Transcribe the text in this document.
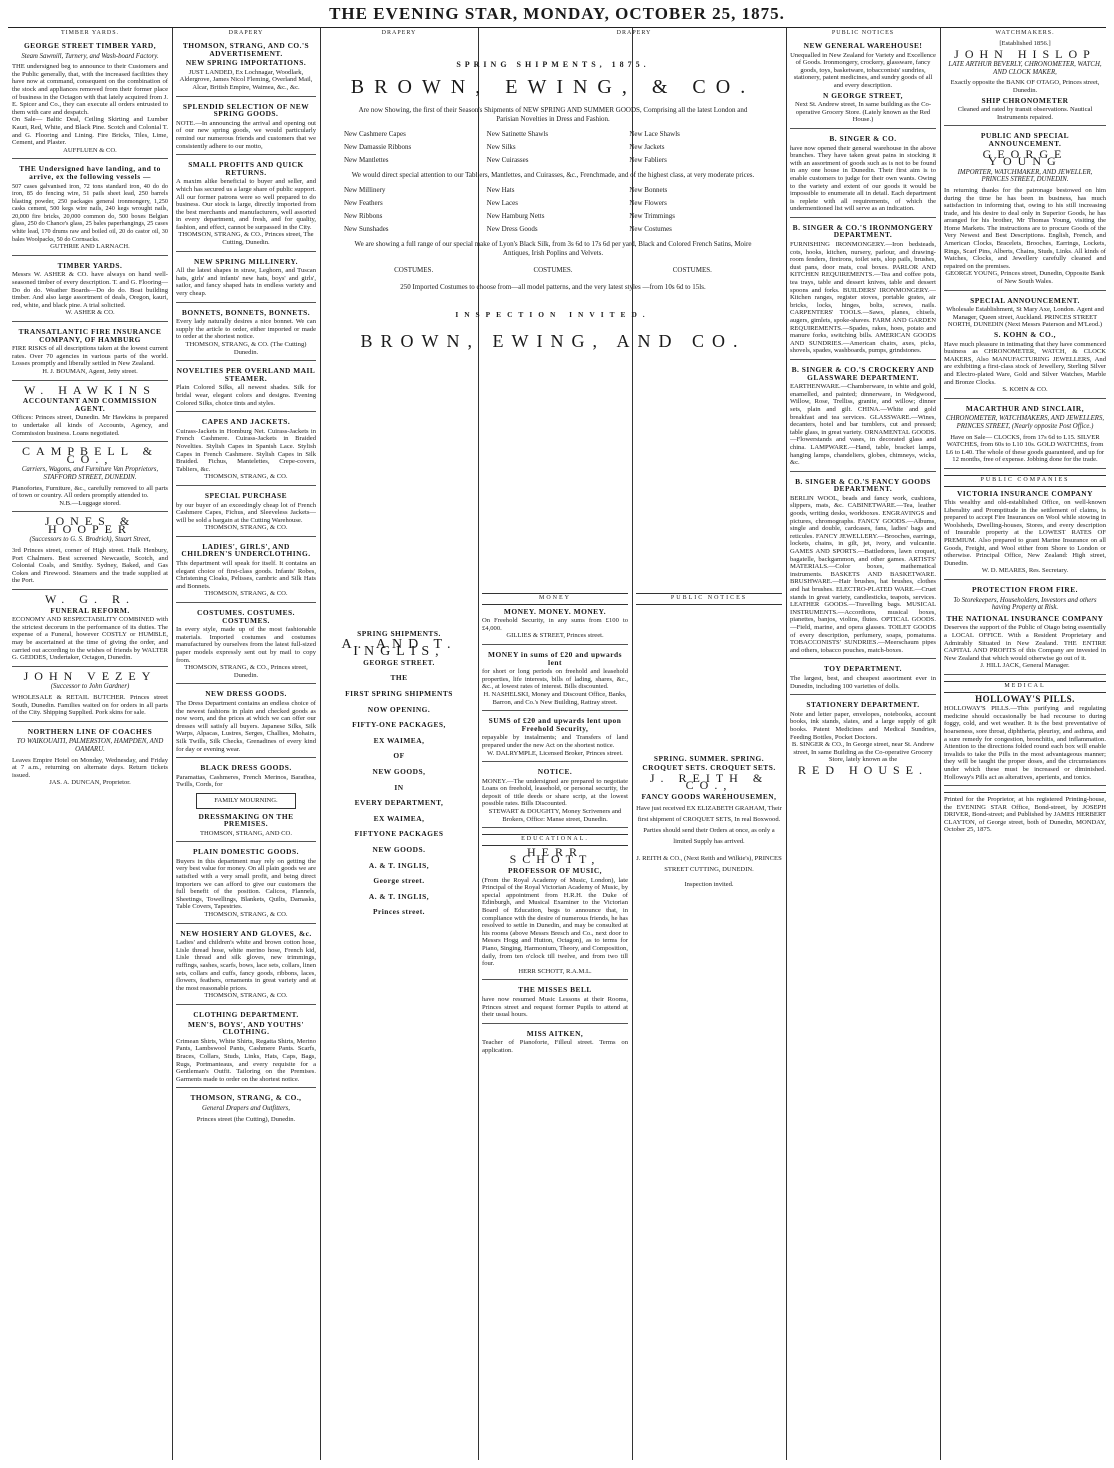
THE EVENING STAR, MONDAY, OCTOBER 25, 1875.
TIMBER YARDS.	DRAPERY	DRAPERY	DRAPERY	PUBLIC NOTICES	WATCHMAKERS.
GEORGE STREET TIMBER YARD,
Steam Sawmill, Turnery, and Wash-board Factory.
THE undersigned beg to announce to their Customers and the Public generally, that, with the increased facilities they have now at command, consequent on the combination of the stock and appliances removed from their former place of business in the Octagon with that lately acquired from J. E. Spicer and Co., they can execute all orders entrusted to them with care and despatch.
On Sale— Baltic Deal, Ceiling Skirting and Lumber Kauri, Red, White, and Black Pine. Scotch and Colonial T. and G. Flooring and Lining. Fire Bricks, Tiles, Lime, Cement, and Plaster.
AUFFLUEN & CO.
THE Undersigned have landing, and to arrive, ex the following vessels —
507 cases galvanised iron, 72 tons standard iron, 40 do do iron, 85 do fencing wire, 51 pails sheet lead, 250 barrels blasting powder, 250 packages general ironmongery, 1,250 casks cement, 500 kegs wire nails, 240 kegs wrought nails, 20,000 fire bricks, 20,000 common do, 500 boxes Belgian glass, 250 do Chance's glass, 25 bales paperhangings, 25 cases white lead, 170 drums raw and boiled oil, 20 do castor oil, 30 bales Woolpacks, 50 do Cornsacks.
GUTHRIE AND LARNACH.
TIMBER YARDS.
Messrs W. ASHER & CO. have always on hand well-seasoned timber of every description. T. and G. Flooring—Do do do. Weather Boards—Do do do. Boat building timber. And also large assortment of deals, Oregon, kauri, red, white, and black pine. A trial solicited.
W. ASHER & CO.
TRANSATLANTIC FIRE INSURANCE COMPANY, OF HAMBURG
FIRE RISKS of all descriptions taken at the lowest current rates. Over 70 agencies in various parts of the world. Losses promptly and liberally settled in New Zealand.
H. J. BOUMAN, Agent, Jetty street.
W. HAWKINS
ACCOUNTANT AND COMMISSION AGENT.
Offices: Princes street, Dunedin. Mr Hawkins is prepared to undertake all kinds of Accounts, Agency, and Commission business. Loans negotiated.
CAMPBELL & CO.,
Carriers, Wagons, and Furniture Van Proprietors, STAFFORD STREET, DUNEDIN.
Pianofortes, Furniture, &c., carefully removed to all parts of town or country. All orders promptly attended to.
N.B.—Luggage stored.
JONES & HOOPER
(Successors to G. S. Brodrick), Stuart Street,
3rd Princes street, corner of High street. Hulk Henbury, Port Chalmers. Best screened Newcastle, Scotch, and Colonial Coals, and Smithy. Sydney, Baked, and Gas Cokes and Firewood. Steamers and the trade supplied at the Port.
W. G. R.
FUNERAL REFORM.
ECONOMY AND RESPECTABILITY COMBINED with the strictest decorum in the performance of its duties. The expense of a Funeral, however COSTLY or HUMBLE, may be ascertained at the time of giving the order, and carried out according to the wishes of friends by WALTER G. GEDDES, Undertaker, Octagon, Dunedin.
JOHN VEZEY
(Successor to John Gardner)
WHOLESALE & RETAIL BUTCHER. Princes street South, Dunedin. Families waited on for orders in all parts of the City. Shipping Supplied. Pork skins for sale.
NORTHERN LINE OF COACHES
TO WAIKOUAITI, PALMERSTON, HAMPDEN, AND OAMARU.
Leaves Empire Hotel on Monday, Wednesday, and Friday at 7 a.m., returning on alternate days. Return tickets issued.
JAS. A. DUNCAN, Proprietor.
THOMSON, STRANG, AND CO.'S ADVERTISEMENT.
NEW SPRING IMPORTATIONS.
JUST LANDED, Ex Lochnagar, Woodlark, Aldergrove, James Nicol Fleming, Overland Mail, Alcar, British Empire, Waimea, &c., &c.
SPLENDID SELECTION OF NEW SPRING GOODS.
NOTE.—In announcing the arrival and opening out of our new spring goods, we would particularly remind our numerous friends and customers that we consistently adhere to our motto,
SMALL PROFITS AND QUICK RETURNS.
A maxim alike beneficial to buyer and seller, and which has secured us a large share of public support. All our former patrons were so well prepared to do business. Our stock is large, directly imported from the best merchants and manufacturers, well assorted in every department, and fresh, and for quality, fashion, and effect, cannot be surpassed in the City.
THOMSON, STRANG, & CO., Princes street, The Cutting, Dunedin.
NEW SPRING MILLINERY.
All the latest shapes in straw, Leghorn, and Tuscan hats, girls' and infants' new hats, boys' and girls', sailor, and fancy shaped hats in endless variety and very cheap.
BONNETS, BONNETS, BONNETS.
Every lady naturally desires a nice bonnet. We can supply the article to order, either imported or made to order at the shortest notice.
THOMSON, STRANG, & CO. (The Cutting) Dunedin.
NOVELTIES PER OVERLAND MAIL STEAMER.
Plain Colored Silks, all newest shades. Silk for bridal wear, elegant colors and designs. Evening Colored Silks, choice tints and styles.
CAPES AND JACKETS.
Cuirass-Jackets in Homburg Net. Cuirass-Jackets in French Cashmere. Cuirass-Jackets in Braided Novelties. Stylish Capes in Spanish Lace. Stylish Capes in French Cashmere. Stylish Capes in Silk Braided. Fichus, Mantelettes, Crepe-covers, Tabliers, &c.
THOMSON, STRANG, & CO.
SPECIAL PURCHASE
by our buyer of an exceedingly cheap lot of French Cashmere Capes, Fichus, and Sleeveless Jackets—will be sold a bargain at the Cutting Warehouse.
THOMSON, STRANG, & CO.
LADIES', GIRLS', AND CHILDREN'S UNDERCLOTHING.
This department will speak for itself. It contains an elegant choice of first-class goods. Infants' Robes, Christening Cloaks, Pelisses, cambric and Silk Hats and Bonnets.
THOMSON, STRANG, & CO.
COSTUMES. COSTUMES. COSTUMES.
In every style, made up of the most fashionable materials. Imported costumes and costumes manufactured by ourselves from the latest full-sized paper models expressly sent out by mail to copy from.
THOMSON, STRANG, & CO., Princes street, Dunedin.
NEW DRESS GOODS.
The Dress Department contains an endless choice of the newest fashions in plain and checked goods as now worn, and the prices at which we can offer our dresses will satisfy all buyers. Japanese Silks, Silk Warps, Alpacas, Lustres, Serges, Challies, Mohairs, Silk Twills, Silk Checks, Grenadines of every kind for day or evening wear.
BLACK DRESS GOODS.
Paramattas, Cashmeres, French Merinos, Barathea, Twills, Cords, for
FAMILY MOURNING.
DRESSMAKING ON THE PREMISES.
THOMSON, STRANG, AND CO.
PLAIN DOMESTIC GOODS.
Buyers in this department may rely on getting the very best value for money. On all plain goods we are satisfied with a very small profit, and being direct importers we can afford to give our customers the full benefit of the position. Calicos, Flannels, Sheetings, Towellings, Blankets, Quilts, Damasks, Table Covers, Tapestries.
THOMSON, STRANG, & CO.
NEW HOSIERY AND GLOVES, &c.
Ladies' and children's white and brown cotton hose, Lisle thread hose, white merino hose, French kid, Lisle thread and silk gloves, new trimmings, ruffings, sashes, scarfs, bows, lace sets, collars, linen sets, collars and cuffs, fancy goods, ribbons, laces, flowers, feathers, ornaments in great variety and at the most reasonable prices.
THOMSON, STRANG, & CO.
CLOTHING DEPARTMENT.
MEN'S, BOYS', AND YOUTHS' CLOTHING.
Crimean Shirts, White Shirts, Regatta Shirts, Merino Pants, Lambswool Pants, Cashmere Pants. Scarfs, Braces, Collars, Studs, Links, Hats, Caps, Bags, Rugs, Portmanteaus, and every requisite for a Gentleman's Outfit. Tailoring on the Premises. Garments made to order on the shortest notice.
THOMSON, STRANG, & CO.,
General Drapers and Outfitters,
Princes street (the Cutting), Dunedin.
SPRING SHIPMENTS, 1875.
BROWN, EWING, & CO.
Are now Showing, the first of their Season's Shipments of NEW SPRING AND SUMMER GOODS, Comprising all the latest London and Parisian Novelties in Dress and Fashion.
New Cashmere Capes	New Satinette Shawls	New Lace Shawls
New Damassie Ribbons	New Silks	New Jackets
New Mantlettes	New Cuirasses	New Fabliers
We would direct special attention to our Tabliers, Mantlettes, and Cuirasses, &c., Frenchmade, and of the highest class, at very moderate prices.
New Millinery	New Hats	New Bonnets
New Feathers	New Laces	New Flowers
New Ribbons	New Hamburg Netts	New Trimmings
New Sunshades	New Dress Goods	New Costumes
We are showing a full range of our special make of Lyon's Black Silk, from 3s 6d to 17s 6d per yard, Black and Colored French Satins, Moire Antiques, Irish Poplins and Velvets.
COSTUMES.	COSTUMES.	COSTUMES.
250 Imported Costumes to choose from—all model patterns, and the very latest styles —from 10s 6d to 15ls.
INSPECTION INVITED.
BROWN, EWING, AND CO.
SPRING SHIPMENTS.
A. AND T. INGLIS,
GEORGE STREET.
THE
FIRST SPRING SHIPMENTS
NOW OPENING.
FIFTY-ONE PACKAGES,
EX WAIMEA,
OF
NEW GOODS,
IN
EVERY DEPARTMENT,
EX WAIMEA,
FIFTYONE PACKAGES
NEW GOODS.
A. & T. INGLIS,
George street.
A. & T. INGLIS,
Princes street.
MONEY
MONEY. MONEY. MONEY.
On Freehold Security, in any sums from £100 to £4,000.
GILLIES & STREET, Princes street.
MONEY in sums of £20 and upwards lent
for short or long periods on freehold and leasehold properties, life interests, bills of lading, shares, &c., &c., at lowest rates of interest. Bills discounted.
H. NASHELSKI, Money and Discount Office, Banks, Barron, and Co.'s New Building, Rattray street.
SUMS of £20 and upwards lent upon Freehold Security,
repayable by instalments; and Transfers of land prepared under the new Act on the shortest notice.
W. DALRYMPLE, Licensed Broker, Princes street.
NOTICE.
MONEY.—The undersigned are prepared to negotiate Loans on freehold, leasehold, or personal security, the deposit of title deeds or share scrip, at the lowest possible rates. Bills Discounted.
STEWART & DOUGHTY, Money Scriveners and Brokers, Office: Manse street, Dunedin.
EDUCATIONAL.
HERR SCHOTT,
PROFESSOR OF MUSIC,
(From the Royal Academy of Music, London), late Principal of the Royal Victorian Academy of Music, by special appointment from H.R.H. the Duke of Edinburgh, and Musical Examiner to the Victorian Board of Education, begs to announce that, in compliance with the desire of numerous friends, he has resolved to settle in Dunedin, and may be consulted at his rooms (above Messrs Bresch and Co., next door to Messrs Hogg and Hutton, Octagon), as to terms for Piano, Singing, Harmonium, Theory, and Composition, daily, from ten o'clock till twelve, and from two till four.
HERR SCHOTT, R.A.M.L.
THE MISSES BELL
have now resumed Music Lessons at their Rooms, Princes street and request former Pupils to attend at their usual hours.
MISS AITKEN,
Teacher of Pianoforte, Filleul street. Terms on application.
PUBLIC NOTICES
SPRING. SUMMER. SPRING.
CROQUET SETS. CROQUET SETS.
J. REITH & CO.,
FANCY GOODS WAREHOUSEMEN,
Have just received EX ELIZABETH GRAHAM, Their first shipment of CROQUET SETS, In real Boxwood. Parties should send their Orders at once, as only a limited Supply has arrived.
J. REITH & CO., (Next Reith and Wilkie's), PRINCES STREET CUTTING, DUNEDIN.
Inspection invited.
NEW GENERAL WAREHOUSE!
Unequalled in New Zealand for Variety and Excellence of Goods. Ironmongery, crockery, glassware, fancy goods, toys, basketware, tobacconists' sundries, stationery, patent medicines, and sundry goods of all and every description.
N GEORGE STREET,
Next St. Andrew street, In same building as the Co-operative Grocery Store. (Lately known as the Red House.)
B. SINGER & CO.
have now opened their general warehouse in the above branches. They have taken great pains in stocking it with an assortment of goods such as is not to be found in any one house in Dunedin. Their first aim is to enable customers to judge for their own wants. Owing to the variety and extent of our goods it would be impossible to enumerate all in detail. Each department is replete with all requirements, of which the undermentioned list will serve as an indication.
B. SINGER & CO.'S IRONMONGERY DEPARTMENT.
FURNISHING IRONMONGERY.—Iron bedsteads, cots, hooks, kitchen, nursery, parlour, and drawing-room fenders, fireirons, toilet sets, slop pails, brushes, dust pans, door mats, coal boxes. PARLOR AND KITCHEN REQUIREMENTS.—Tea and coffee pots, tea trays, table and dessert knives, table and dessert spoons and forks. BUILDERS' IRONMONGERY.—Kitchen ranges, register stoves, portable grates, air bricks, locks, hinges, bolts, screws, nails. CARPENTERS' TOOLS.—Saws, planes, chisels, augers, gimlets, spoke-shaves. FARM AND GARDEN REQUIREMENTS.—Spades, rakes, hoes, potato and manure forks, switching bills. AMERICAN GOODS AND SUNDRIES.—American chairs, axes, picks, shovels, spades, washboards, pumps, grindstones.
B. SINGER & CO.'S CROCKERY AND GLASSWARE DEPARTMENT.
EARTHENWARE.—Chamberware, in white and gold, enamelled, and painted; dinnerware, in Wedgwood, Willow, Rose, Trelliss, granite, and willow; dinner sets, plain and gilt. CHINA.—White and gold breakfast and tea services. GLASSWARE.—Wines, decanters, hotel and bar tumblers, cut and pressed; table glass, in great variety. ORNAMENTAL GOODS.—Flowerstands and vases, in decorated glass and china. LAMPWARE.—Hand, table, bracket lamps, hanging lamps, chandeliers, globes, chimneys, wicks, &c.
B. SINGER & CO.'S FANCY GOODS DEPARTMENT.
BERLIN WOOL, beads and fancy work, cushions, slippers, mats, &c. CABINETWARE.—Tea, leather goods, writing desks, workboxes. ENGRAVINGS and pictures, chromographs. FANCY GOODS.—Albums, single and double, cardcases, fans, ladies' bags and reticules. FANCY JEWELLERY.—Brooches, earrings, lockets, chains, in gilt, jet, ivory, and vulcanite. GAMES AND SPORTS.—Battledores, lawn croquet, bagatelle, backgammon, and other games. ARTISTS' MATERIALS.—Color boxes, mathematical instruments. BASKETS AND BASKETWARE. BRUSHWARE.—Hair brushes, hat brushes, clothes and hat brushes. ELECTRO-PLATED WARE.—Cruet stands in great variety, candlesticks, teapots, services. LEATHER GOODS.—Travelling bags. MUSICAL INSTRUMENTS.—Accordions, musical boxes, pianettes, banjos, violins, flutes. OPTICAL GOODS.—Field, marine, and opera glasses. TOILET GOODS of every description, perfumery, soaps, pomatums. TOBACCONISTS' SUNDRIES.—Meerschaum pipes and others, tobacco pouches, match-boxes.
TOY DEPARTMENT.
The largest, best, and cheapest assortment ever in Dunedin, including 100 varieties of dolls.
STATIONERY DEPARTMENT.
Note and letter paper, envelopes, notebooks, account books, ink stands, slates, and a large supply of gilt books. Patent Medicines and Medical Sundries, Feeding Bottles, Pocket Doctors.
B. SINGER & CO., In George street, near St. Andrew street, In same Building as the Co-operative Grocery Store, lately known as the
RED HOUSE.
[Established 1856.]
JOHN HISLOP
LATE ARTHUR BEVERLY, CHRONOMETER, WATCH, AND CLOCK MAKER,
Exactly opposite the BANK OF OTAGO, Princes street, Dunedin.
SHIP CHRONOMETER
Cleaned and rated by transit observations. Nautical Instruments repaired.
PUBLIC AND SPECIAL ANNOUNCEMENT.
GEORGE YOUNG
IMPORTER, WATCHMAKER, AND JEWELLER, PRINCES STREET, DUNEDIN.
In returning thanks for the patronage bestowed on him during the time he has been in business, has much satisfaction in informing that, owing to his still increasing trade, and his desire to deal only in Superior Goods, he has arranged for his brother, Mr Thomas Young, visiting the Home Markets. The instructions are to procure Goods of the Very Newest and Best Descriptions. English, French, and American Clocks, Bracelets, Brooches, Earrings, Lockets, Rings, Scarf Pins, Alberts, Chains, Studs, Links. All kinds of Watches, Clocks, and Jewellery carefully cleaned and repaired on the premises.
GEORGE YOUNG, Princes street, Dunedin, Opposite Bank of New South Wales.
SPECIAL ANNOUNCEMENT.
Wholesale Establishment, St Mary Axe, London. Agent and Manager, Queen street, Auckland. PRINCES STREET NORTH, DUNEDIN (Next Messrs Paterson and M'Leod.)
S. KOHN & CO.,
Have much pleasure in intimating that they have commenced business as CHRONOMETER, WATCH, & CLOCK MAKERS, Also MANUFACTURING JEWELLERS, And are exhibiting a first-class stock of Jewellery, Sterling Silver and Electro-plated Ware, Gold and Silver Watches, Marble and Bronze Clocks.
S. KOHN & CO.
MACARTHUR AND SINCLAIR,
CHRONOMETER, WATCHMAKERS, AND JEWELLERS, PRINCES STREET, (Nearly opposite Post Office.)
Have on Sale— CLOCKS, from 17s 6d to L15. SILVER WATCHES, from 60s to L10 10s. GOLD WATCHES, from L6 to L40. The whole of these goods guaranteed, and up for 12 months, free of expense. Jobbing done for the trade.
PUBLIC COMPANIES
VICTORIA INSURANCE COMPANY
This wealthy and old-established Office, on well-known Liberality and Promptitude in the settlement of claims, is prepared to accept Fire Insurances on Wool while stowing in Woolsheds, Dwelling-houses, Stores, and every description of Insurable property at the LOWEST RATES OF PREMIUM. Also prepared to grant Marine Insurance on all Goods, Freight, and Wool either from Shore to London or otherwise. Principal Office, New Zealand: High street, Dunedin.
W. D. MEARES, Res. Secretary.
PROTECTION FROM FIRE.
To Storekeepers, Householders, Investors and others having Property at Risk.
THE NATIONAL INSURANCE COMPANY
Deserves the support of the Public of Otago being essentially a LOCAL OFFICE. With a Resident Proprietary and Admirably Situated in New Zealand. THE ENTIRE CAPITAL AND PROFITS of this Company are invested in New Zealand that which would otherwise go out of it.
J. HILL JACK, General Manager.
MEDICAL
HOLLOWAY'S PILLS.
HOLLOWAY'S PILLS.—This purifying and regulating medicine should occasionally be had recourse to during foggy, cold, and wet weather. It is the best preventative of hoarseness, sore throat, diphtheria, pleurisy, and asthma, and a sure remedy for congestion, bronchitis, and inflammation. Attention to the directions folded round each box will enable invalids to take the Pills in the most advantageous manner; they will be taught the proper doses, and the circumstances under which these must be increased or diminished. Holloway's Pills act as alteratives, aperients, and tonics.
Printed for the Proprietor, at his registered Printing-house, the EVENING STAR Office, Bond-street, by JOSEPH DRIVER, Bond-street; and Published by JAMES HERBERT CLAYTON, of George street, both of Dunedin, MONDAY, October 25, 1875.
